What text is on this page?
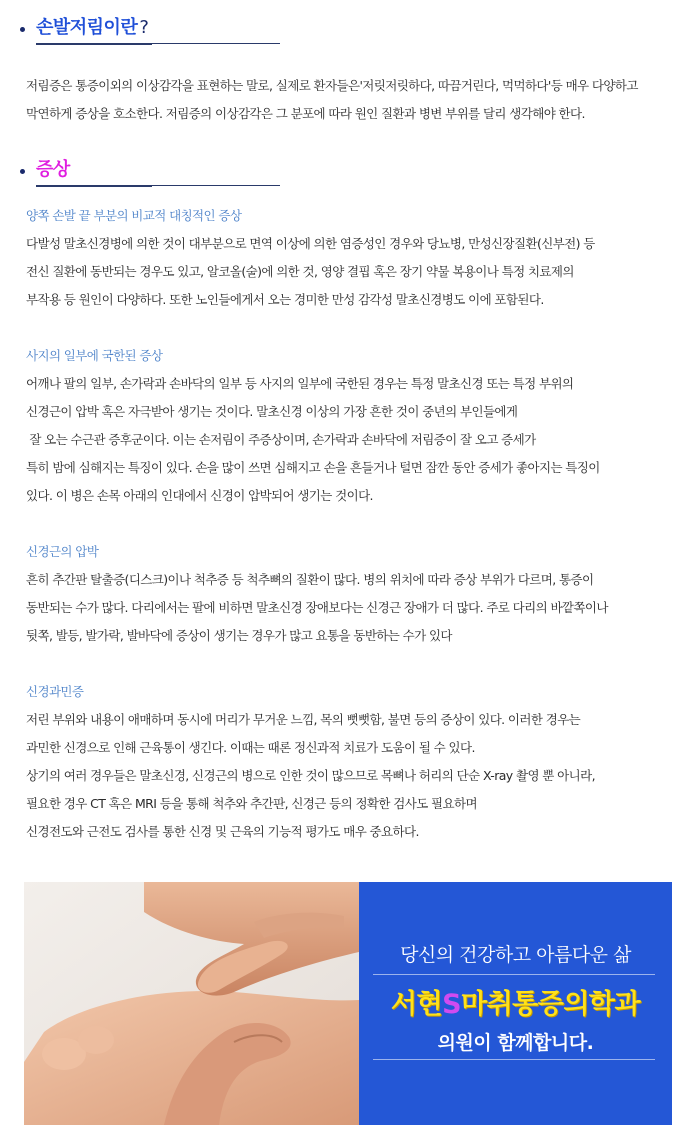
손발저림이란 ?

저림증은 통증이외의 이상감각을 표현하는 말로, 실제로 환자들은'저릿저릿하다, 따끔거린다, 먹먹하다'등 매우 다양하고

막연하게 증상을 호소한다. 저림증의 이상감각은 그 분포에 따라 원인 질환과 병변 부위를 달리 생각해야 한다.

증상
양쪽 손발 끝 부분의 비교적 대칭적인 증상

다발성 말초신경병에 의한 것이 대부분으로 면역 이상에 의한 염증성인 경우와 당뇨병, 만성신장질환(신부전) 등

전신 질환에 동반되는 경우도 있고, 알코올(술)에 의한 것, 영양 결핍 혹은 장기 약물 복용이나 특정 치료제의

부작용 등 원인이 다양하다. 또한 노인들에게서 오는 경미한 만성 감각성 말초신경병도 이에 포함된다.

사지의 일부에 국한된 증상

어깨나 팔의 일부, 손가락과 손바닥의 일부 등 사지의 일부에 국한된 경우는 특정 말초신경 또는 특정 부위의

신경근이 압박 혹은 자극받아 생기는 것이다. 말초신경 이상의 가장 흔한 것이 중년의 부인들에게

잘 오는 수근관 증후군이다. 이는 손저림이 주증상이며, 손가락과 손바닥에 저림증이 잘 오고 증세가

특히 밤에 심해지는 특징이 있다. 손을 많이 쓰면 심해지고 손을 흔들거나 털면 잠깐 동안 증세가 좋아지는 특징이

있다. 이 병은 손목 아래의 인대에서 신경이 압박되어 생기는 것이다.

신경근의 압박

흔히 추간판 탈출증(디스크)이나 척추증 등 척추뼈의 질환이 많다. 병의 위치에 따라 증상 부위가 다르며, 통증이

동반되는 수가 많다. 다리에서는 팔에 비하면 말초신경 장애보다는 신경근 장애가 더 많다. 주로 다리의 바깥쪽이나

뒷쪽, 발등, 발가락, 발바닥에 증상이 생기는 경우가 많고 요통을 동반하는 수가 있다

신경과민증

저린 부위와 내용이 애매하며 동시에 머리가 무거운 느낌, 목의 뻣뻣함, 불면 등의 증상이 있다. 이러한 경우는

과민한 신경으로 인해 근육통이 생긴다. 이때는 때론 정신과적 치료가 도움이 될 수 있다.

상기의 여러 경우들은 말초신경, 신경근의 병으로 인한 것이 많으므로 목뼈나 허리의 단순 X-ray 촬영 뿐 아니라,

필요한 경우 CT 혹은 MRI 등을 통해 척추와 추간판, 신경근 등의 정확한 검사도 필요하며

신경전도와 근전도 검사를 통한 신경 및 근육의 기능적 평가도 매우 중요하다.

당신의 건강하고 아름다운 삶
서현S마취통증의학과
의원이 함께합니다.
